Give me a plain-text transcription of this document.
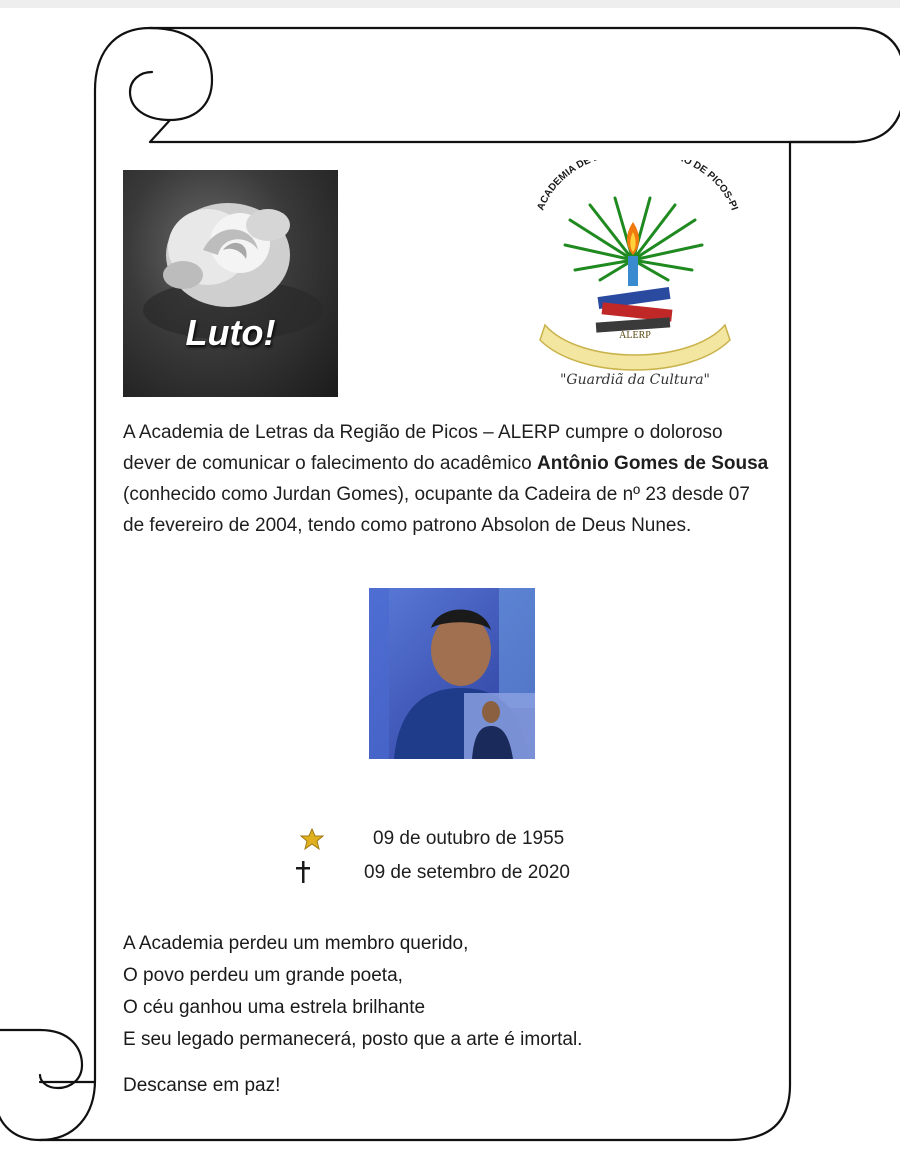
Luto!
ACADEMIA DE O DE PICOS-PI
ALERP
"Guardiã da Cultura"
A Academia de Letras da Região de Picos – ALERP cumpre o doloroso dever de comunicar o falecimento do acadêmico Antônio Gomes de Sousa (conhecido como Jurdan Gomes), ocupante da Cadeira de nº 23 desde 07 de fevereiro de 2004, tendo como patrono Absolon de Deus Nunes.
09 de outubro de 1955
09 de setembro de 2020
A Academia perdeu um membro querido,
O povo perdeu um grande poeta,
O céu ganhou uma estrela brilhante
E seu legado permanecerá, posto que a arte é imortal.
Descanse em paz!
